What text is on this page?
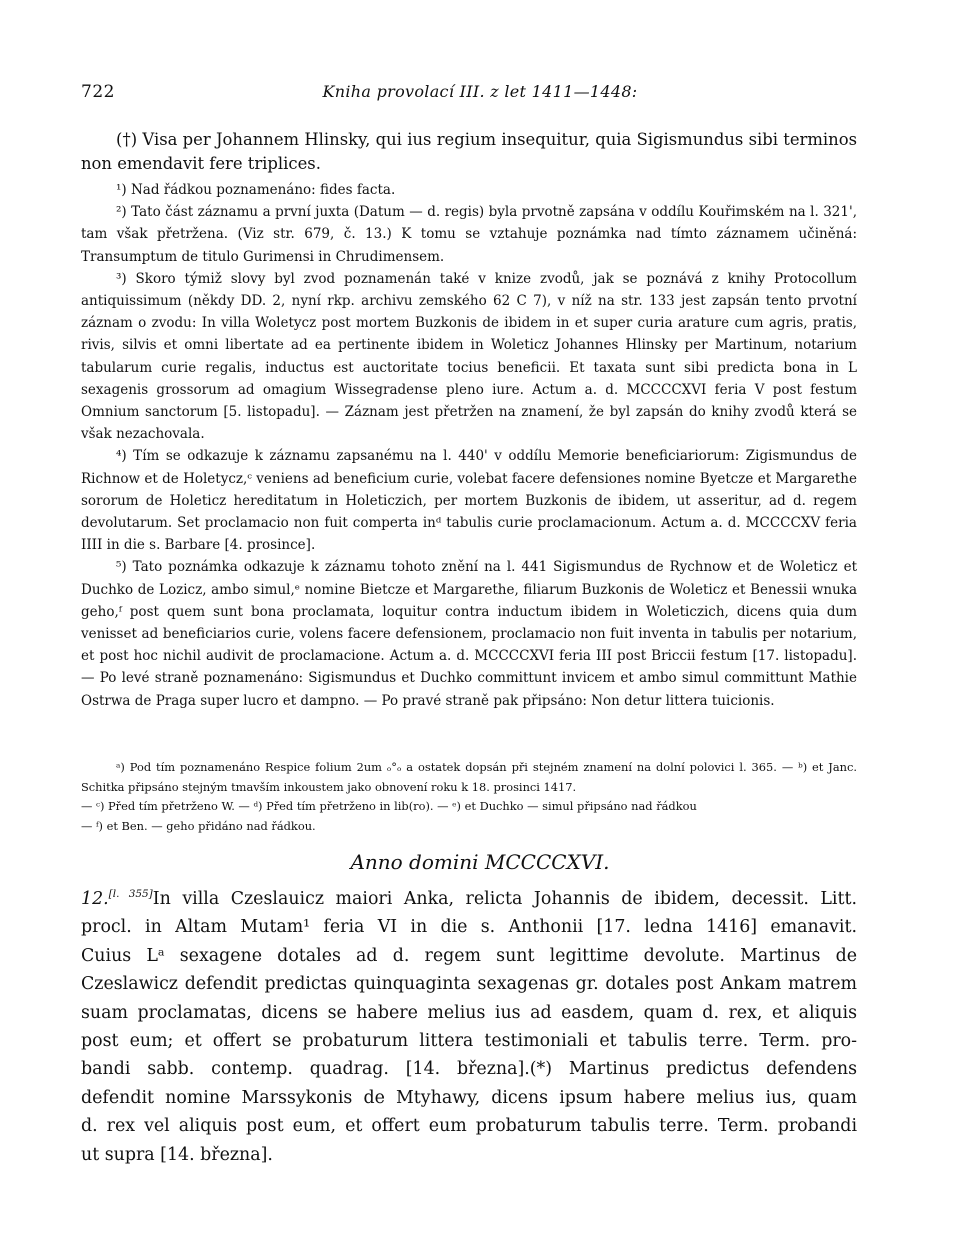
722	Kniha provolací III. z let 1411—1448:

(†) Visa per Johannem Hlinsky, qui ius regium insequitur, quia Sigismundus sibi terminos non emendavit fere triplices.

¹) Nad řádkou poznamenáno: fides facta.

²) Tato část záznamu a první juxta (Datum — d. regis) byla prvotně zapsána v oddílu Kouřimském na l. 321', tam však přetržena. (Viz str. 679, č. 13.) K tomu se vztahuje poznámka nad tímto záznamem učiněná: Transumptum de titulo Gurimensi in Chrudimensem.

³) Skoro týmiž slovy byl zvod poznamenán také v knize zvodů, jak se poznává z knihy Protocollum antiquissimum (někdy DD. 2, nyní rkp. archivu zemského 62 C 7), v níž na str. 133 jest zapsán tento prvotní záznam o zvodu: In villa Woletycz post mortem Buzkonis de ibidem in et super curia arature cum agris, pratis, rivis, silvis et omni libertate ad ea pertinente ibidem in Woleticz Johannes Hlinsky per Martinum, notarium tabularum curie regalis, inductus est auctoritate tocius beneficii. Et taxata sunt sibi predicta bona in L sexagenis grossorum ad omagium Wissegradense pleno iure. Actum a. d. MCCCCXVI feria V post festum Omnium sanctorum [5. listopadu]. — Záznam jest přetržen na znamení, že byl zapsán do knihy zvodů která se však nezachovala.

⁴) Tím se odkazuje k záznamu zapsanému na l. 440' v oddílu Memorie beneficiariorum: Zigismundus de Richnow et de Holetycz,ᶜ veniens ad beneficium curie, volebat facere defensiones nomine Byetcze et Margarethe sororum de Holeticz hereditatum in Holeticzich, per mortem Buzkonis de ibidem, ut asseritur, ad d. regem devolutarum. Set proclamacio non fuit comperta inᵈ tabulis curie proclamacionum. Actum a. d. MCCCCXV feria IIII in die s. Barbare [4. prosince].

⁵) Tato poznámka odkazuje k záznamu tohoto znění na l. 441 Sigismundus de Rychnow et de Woleticz et Duchko de Lozicz, ambo simul,ᵉ nomine Bietcze et Margarethe, filiarum Buzkonis de Woleticz et Benessii wnuka geho,ᶠ post quem sunt bona proclamata, loquitur contra inductum ibidem in Woleticzich, dicens quia dum venisset ad beneficiarios curie, volens facere defensionem, proclamacio non fuit inventa in tabulis per notarium, et post hoc nichil audivit de proclamacione. Actum a. d. MCCCCXVI feria III post Briccii festum [17. listopadu]. — Po levé straně poznamenáno: Sigismundus et Duchko committunt invicem et ambo simul committunt Mathie Ostrwa de Praga super lucro et dampno. — Po pravé straně pak připsáno: Non detur littera tuicionis.

ᵃ) Pod tím poznamenáno Respice folium 2um ₒ°ₒ a ostatek dopsán při stejném znamení na dolní polovici l. 365. — ᵇ) et Janc. Schitka připsáno stejným tmavším inkoustem jako obnovení roku k 18. prosinci 1417.

— ᶜ) Před tím přetrženo W. — ᵈ) Před tím přetrženo in lib(ro). — ᵉ) et Duchko — simul připsáno nad řádkou

— ᶠ) et Ben. — geho přidáno nad řádkou.

Anno domini MCCCCXVI.

12.[l. 355]In villa Czeslauicz maiori Anka, relicta Johannis de ibidem, decessit. Litt.

procl. in Altam Mutam¹ feria VI in die s. Anthonii [17. ledna 1416] emanavit.

Cuius Lᵃ sexagene dotales ad d. regem sunt legittime devolute. Martinus de

Czeslawicz defendit predictas quinquaginta sexagenas gr. dotales post Ankam matrem

suam proclamatas, dicens se habere melius ius ad easdem, quam d. rex, et aliquis

post eum; et offert se probaturum littera testimoniali et tabulis terre. Term. pro-

bandi sabb. contemp. quadrag. [14. března].(*) Martinus predictus defendens

defendit nomine Marssykonis de Mtyhawy, dicens ipsum habere melius ius, quam

d. rex vel aliquis post eum, et offert eum probaturum tabulis terre. Term. probandi

ut supra [14. března].
